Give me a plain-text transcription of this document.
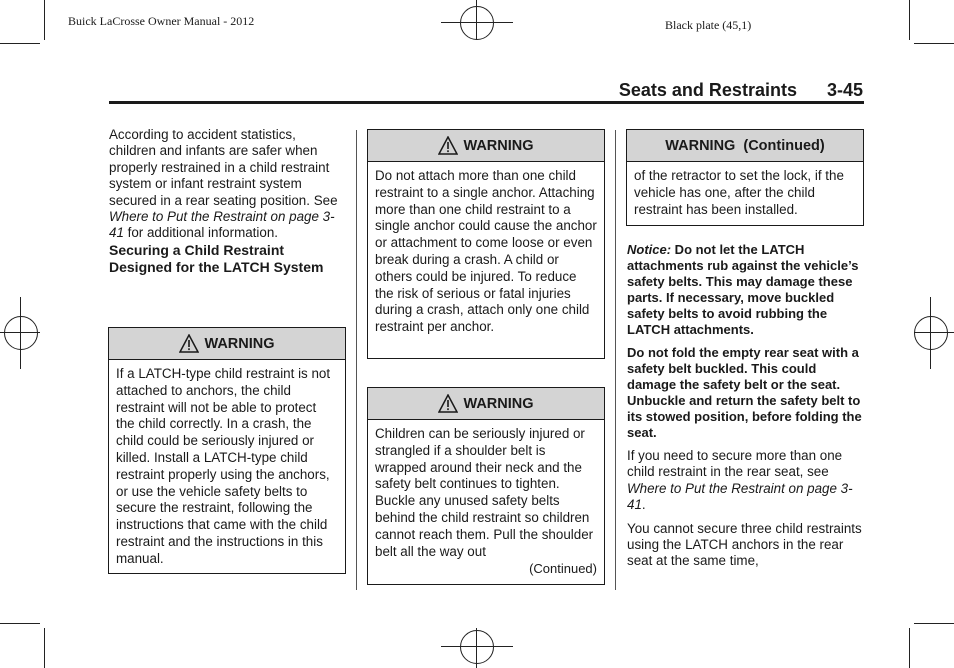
Buick LaCrosse Owner Manual - 2012	Black plate (45,1)
Seats and Restraints 3-45

According to accident statistics, children and infants are safer when properly restrained in a child restraint system or infant restraint system secured in a rear seating position. See Where to Put the Restraint on page 3-41 for additional information.

Securing a Child Restraint Designed for the LATCH System

WARNING
If a LATCH-type child restraint is not attached to anchors, the child restraint will not be able to protect the child correctly. In a crash, the child could be seriously injured or killed. Install a LATCH-type child restraint properly using the anchors, or use the vehicle safety belts to secure the restraint, following the instructions that came with the child restraint and the instructions in this manual.
WARNING
Do not attach more than one child restraint to a single anchor. Attaching more than one child restraint to a single anchor could cause the anchor or attachment to come loose or even break during a crash. A child or others could be injured. To reduce the risk of serious or fatal injuries during a crash, attach only one child restraint per anchor.
WARNING
Children can be seriously injured or strangled if a shoulder belt is wrapped around their neck and the safety belt continues to tighten. Buckle any unused safety belts behind the child restraint so children cannot reach them. Pull the shoulder belt all the way out
(Continued)
WARNING  (Continued)
of the retractor to set the lock, if the vehicle has one, after the child restraint has been installed.

Notice: Do not let the LATCH attachments rub against the vehicle’s safety belts. This may damage these parts. If necessary, move buckled safety belts to avoid rubbing the LATCH attachments.

Do not fold the empty rear seat with a safety belt buckled. This could damage the safety belt or the seat. Unbuckle and return the safety belt to its stowed position, before folding the seat.

If you need to secure more than one child restraint in the rear seat, see Where to Put the Restraint on page 3-41.

You cannot secure three child restraints using the LATCH anchors in the rear seat at the same time,
